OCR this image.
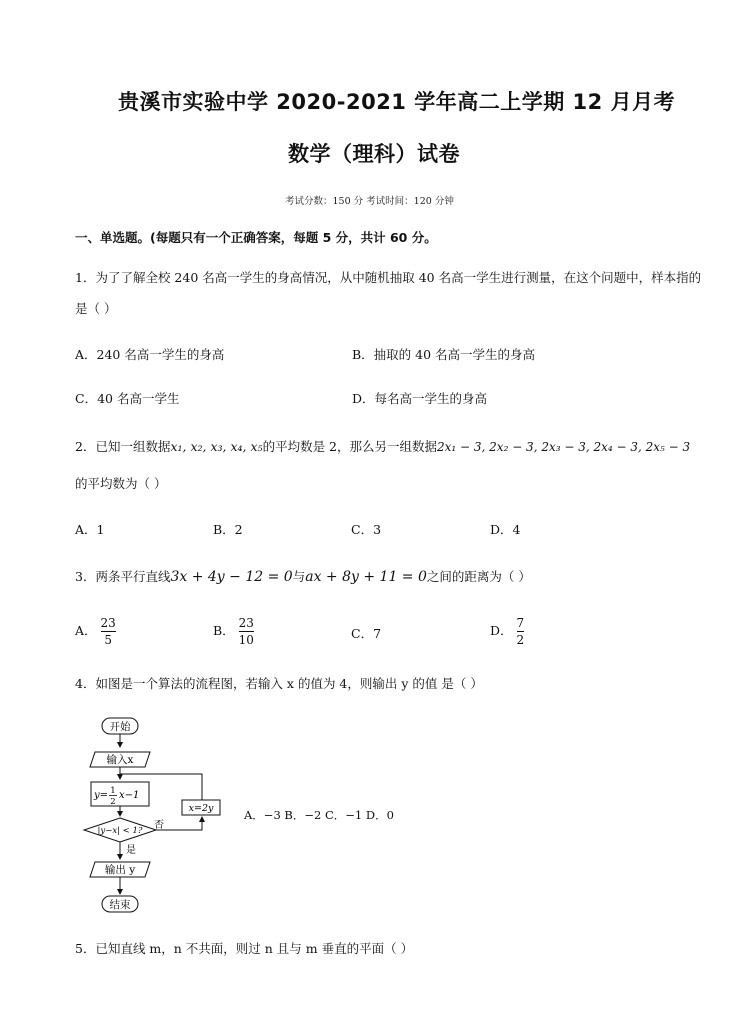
贵溪市实验中学 2020-2021 学年高二上学期 12 月月考
数学（理科）试卷
考试分数：150 分 考试时间：120 分钟
一、单选题。(每题只有一个正确答案，每题 5 分，共计 60 分。
1．为了了解全校 240 名高一学生的身高情况，从中随机抽取 40 名高一学生进行测量，在这个问题中，样本指的
是（ ）
A．240 名高一学生的身高	B．抽取的 40 名高一学生的身高
C．40 名高一学生	D．每名高一学生的身高
2．已知一组数据x₁, x₂, x₃, x₄, x₅的平均数是 2，那么另一组数据2x₁ − 3, 2x₂ − 3, 2x₃ − 3, 2x₄ − 3, 2x₅ − 3
的平均数为（ ）
A．1	B．2	C．3	D．4
3．两条平行直线3x + 4y − 12 = 0与ax + 8y + 11 = 0之间的距离为（ ）
A． $\frac{23}{5}$	B． $\frac{23}{10}$	C．7	D． $\frac{7}{2}$
4．如图是一个算法的流程图，若输入 x 的值为 4，则输出 y 的值 是（ ）
开始
输入x
y= 1
2
x−1
|y−x| < 1? 否
x=2y
是
输出 y
结束
A．−3 B．−2 C．−1 D．0
5．已知直线 m，n 不共面，则过 n 且与 m 垂直的平面（ ）
